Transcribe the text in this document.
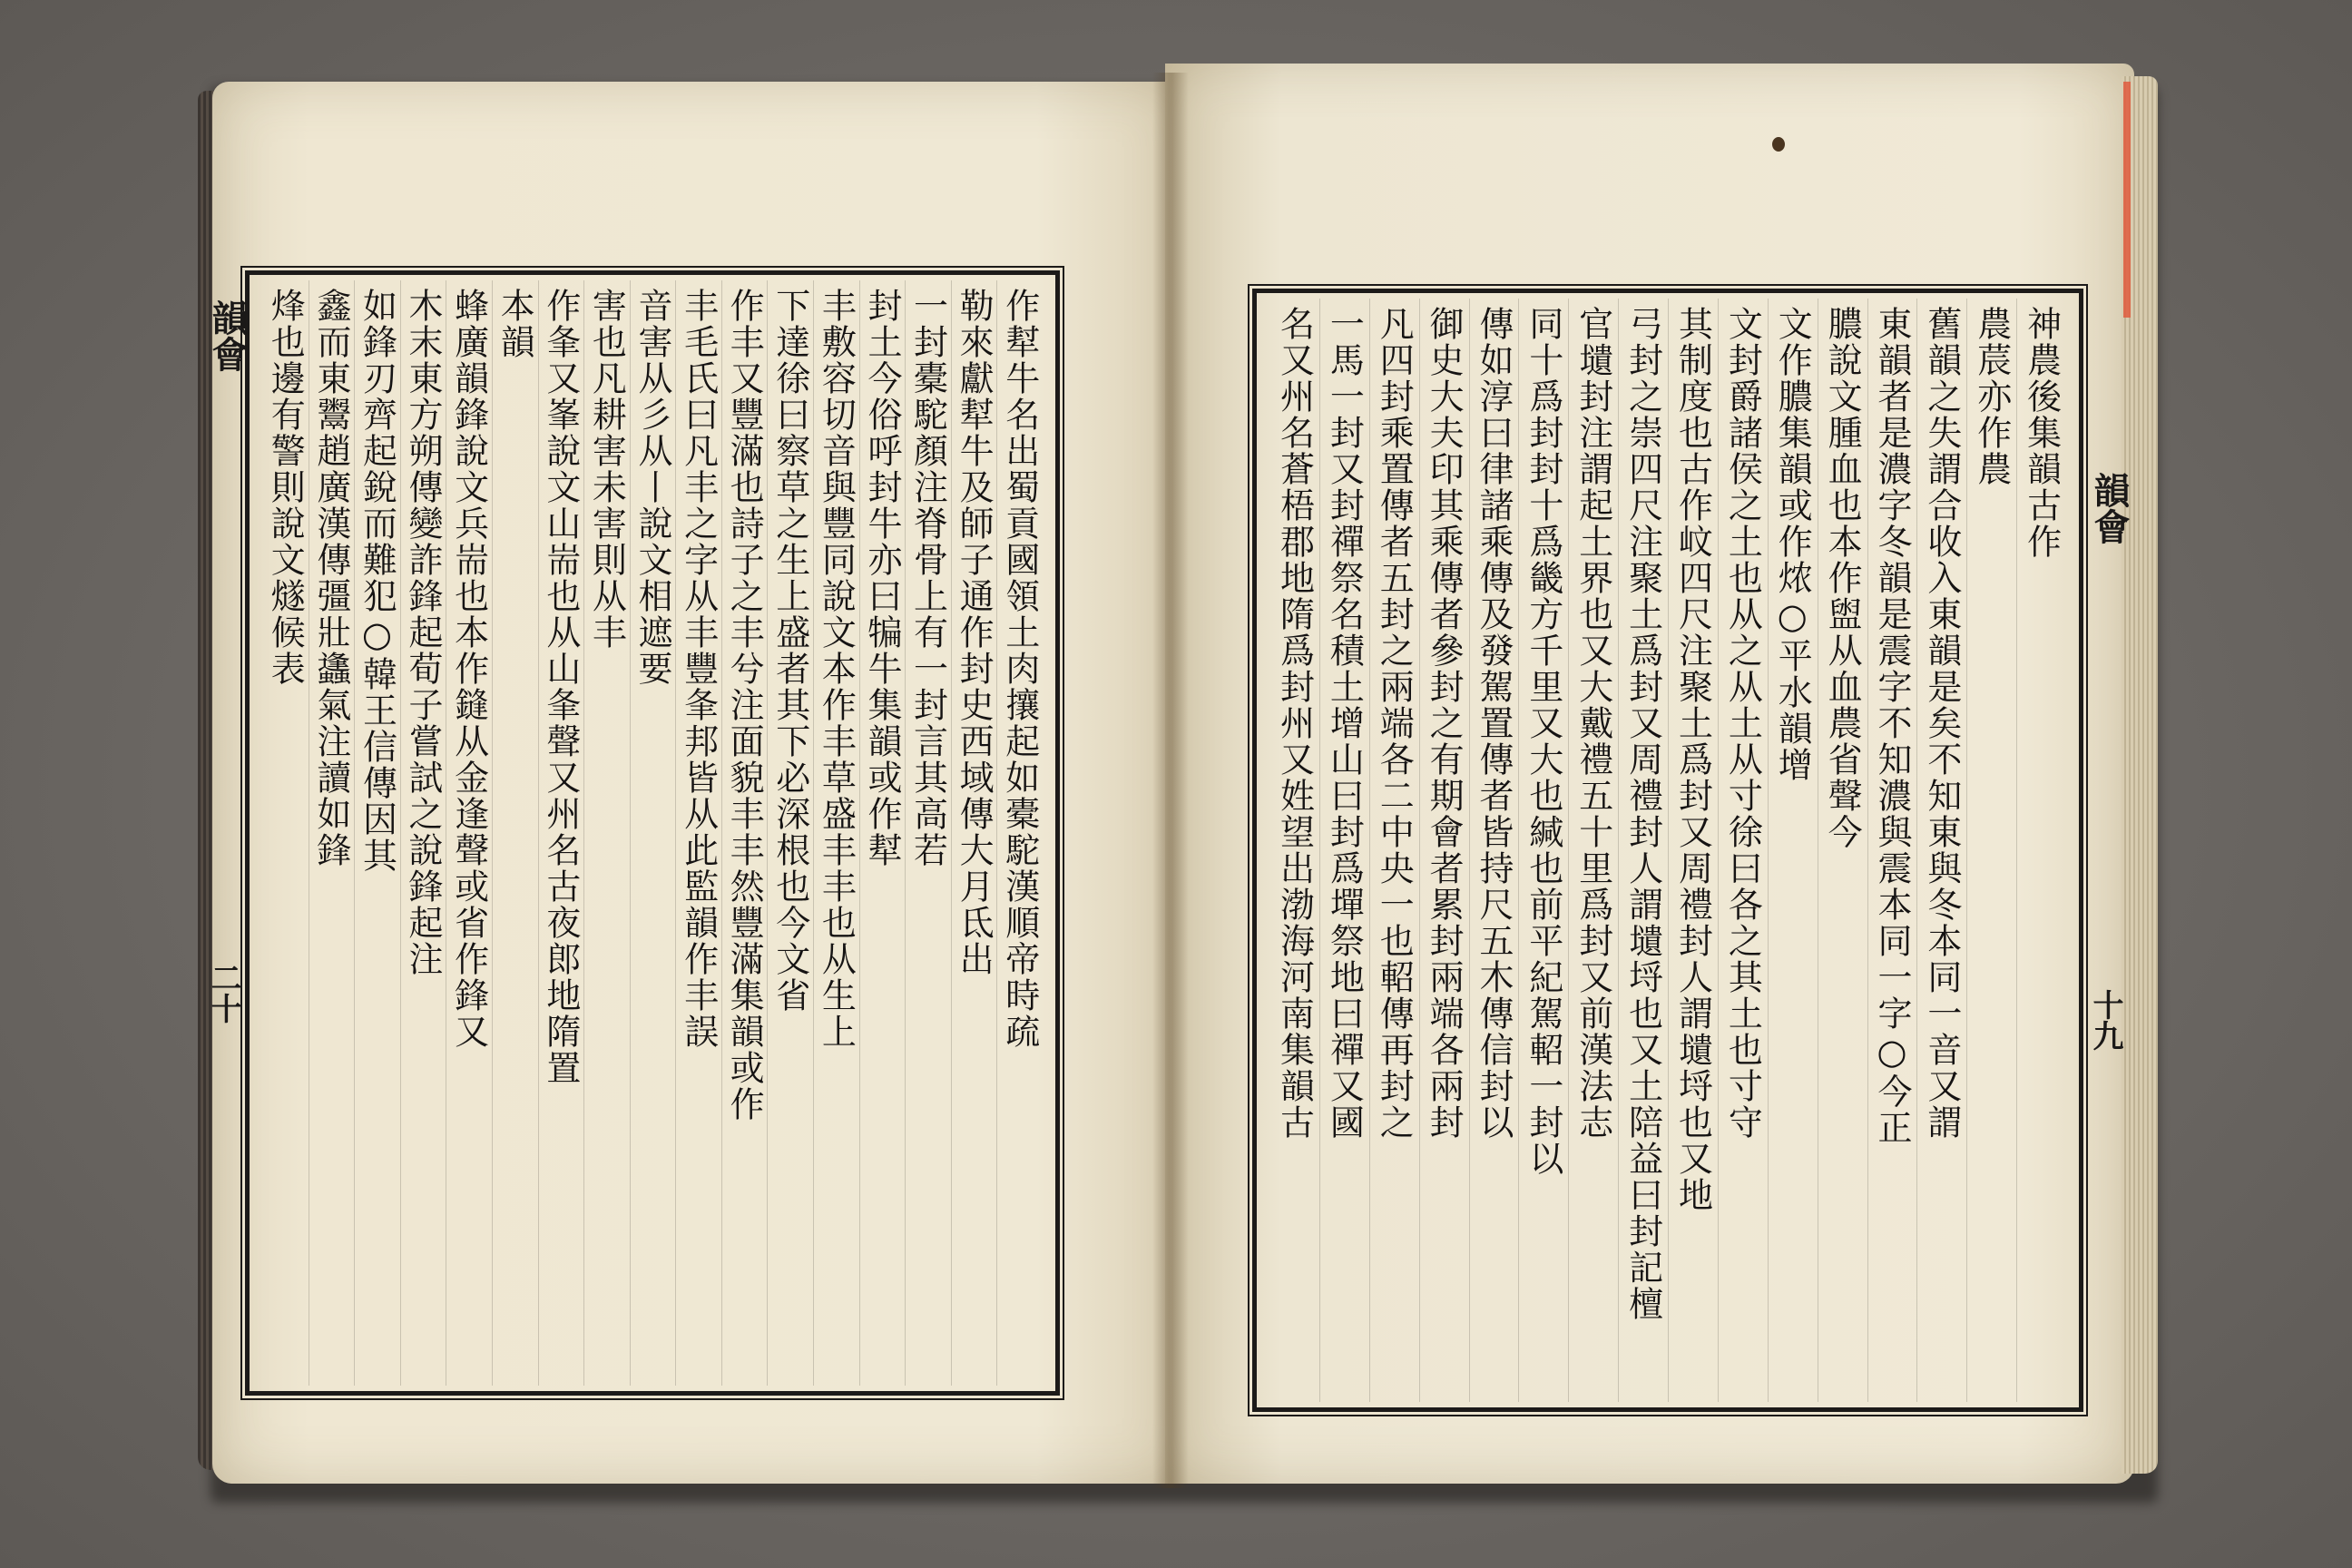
作犎牛名出蜀貢國領土肉攘起如橐駝漢順帝時疏
勒來獻犎牛及師子通作封史西域傳大月氐出
一封橐駝顏注脊骨上有一封言其高若
封土今俗呼封牛亦曰犏牛集韻或作犎
丰敷容切音與豐同說文本作丰草盛丰丰也从生上
下達徐曰察草之生上盛者其下必深根也今文省
作丰又豐滿也詩子之丰兮注面貌丰丰然豐滿集韻或作
丰毛氏曰凡丰之字从丰豐夆邦皆从此監韻作丰誤
音害从彡从丨說文相遮要
害也凡耕害未害則从丰
作夆又峯說文山耑也从山夆聲又州名古夜郎地隋置
本韻
蜂廣韻鋒說文兵耑也本作鏠从金逢聲或省作鋒又
木末東方朔傳變詐鋒起荀子嘗試之說鋒起注
如鋒刃齊起銳而難犯○韓王信傳因其
鑫而東鬻趙廣漢傳彊壯蠭氣注讀如鋒
烽也邊有警則說文燧候表
韻會
二十
神農後集韻古作
農莀亦作農
舊韻之失謂合收入東韻是矣不知東與冬本同一音又謂
東韻者是濃字冬韻是震字不知濃與震本同一字○今正
膿說文腫血也本作盥从血農省聲今
文作膿集韻或作㶶○平水韻增
文封爵諸侯之土也从之从土从寸徐曰各之其土也寸守
其制度也古作㞶四尺注聚土爲封又周禮封人謂壝埒也又地
弓封之崇四尺注聚土爲封又周禮封人謂壝埒也又土陪益曰封記檀
官壝封注謂起土界也又大戴禮五十里爲封又前漢法志
同十爲封封十爲畿方千里又大也緘也前平紀駕軺一封以
傳如淳曰律諸乘傳及發駕置傳者皆持尺五木傳信封以
御史大夫印其乘傳者參封之有期會者累封兩端各兩封
凡四封乘置傳者五封之兩端各二中央一也軺傳再封之
一馬一封又封禪祭名積土增山曰封爲墠祭地曰禪又國
名又州名蒼梧郡地隋爲封州又姓望出渤海河南集韻古	韻會
十九
